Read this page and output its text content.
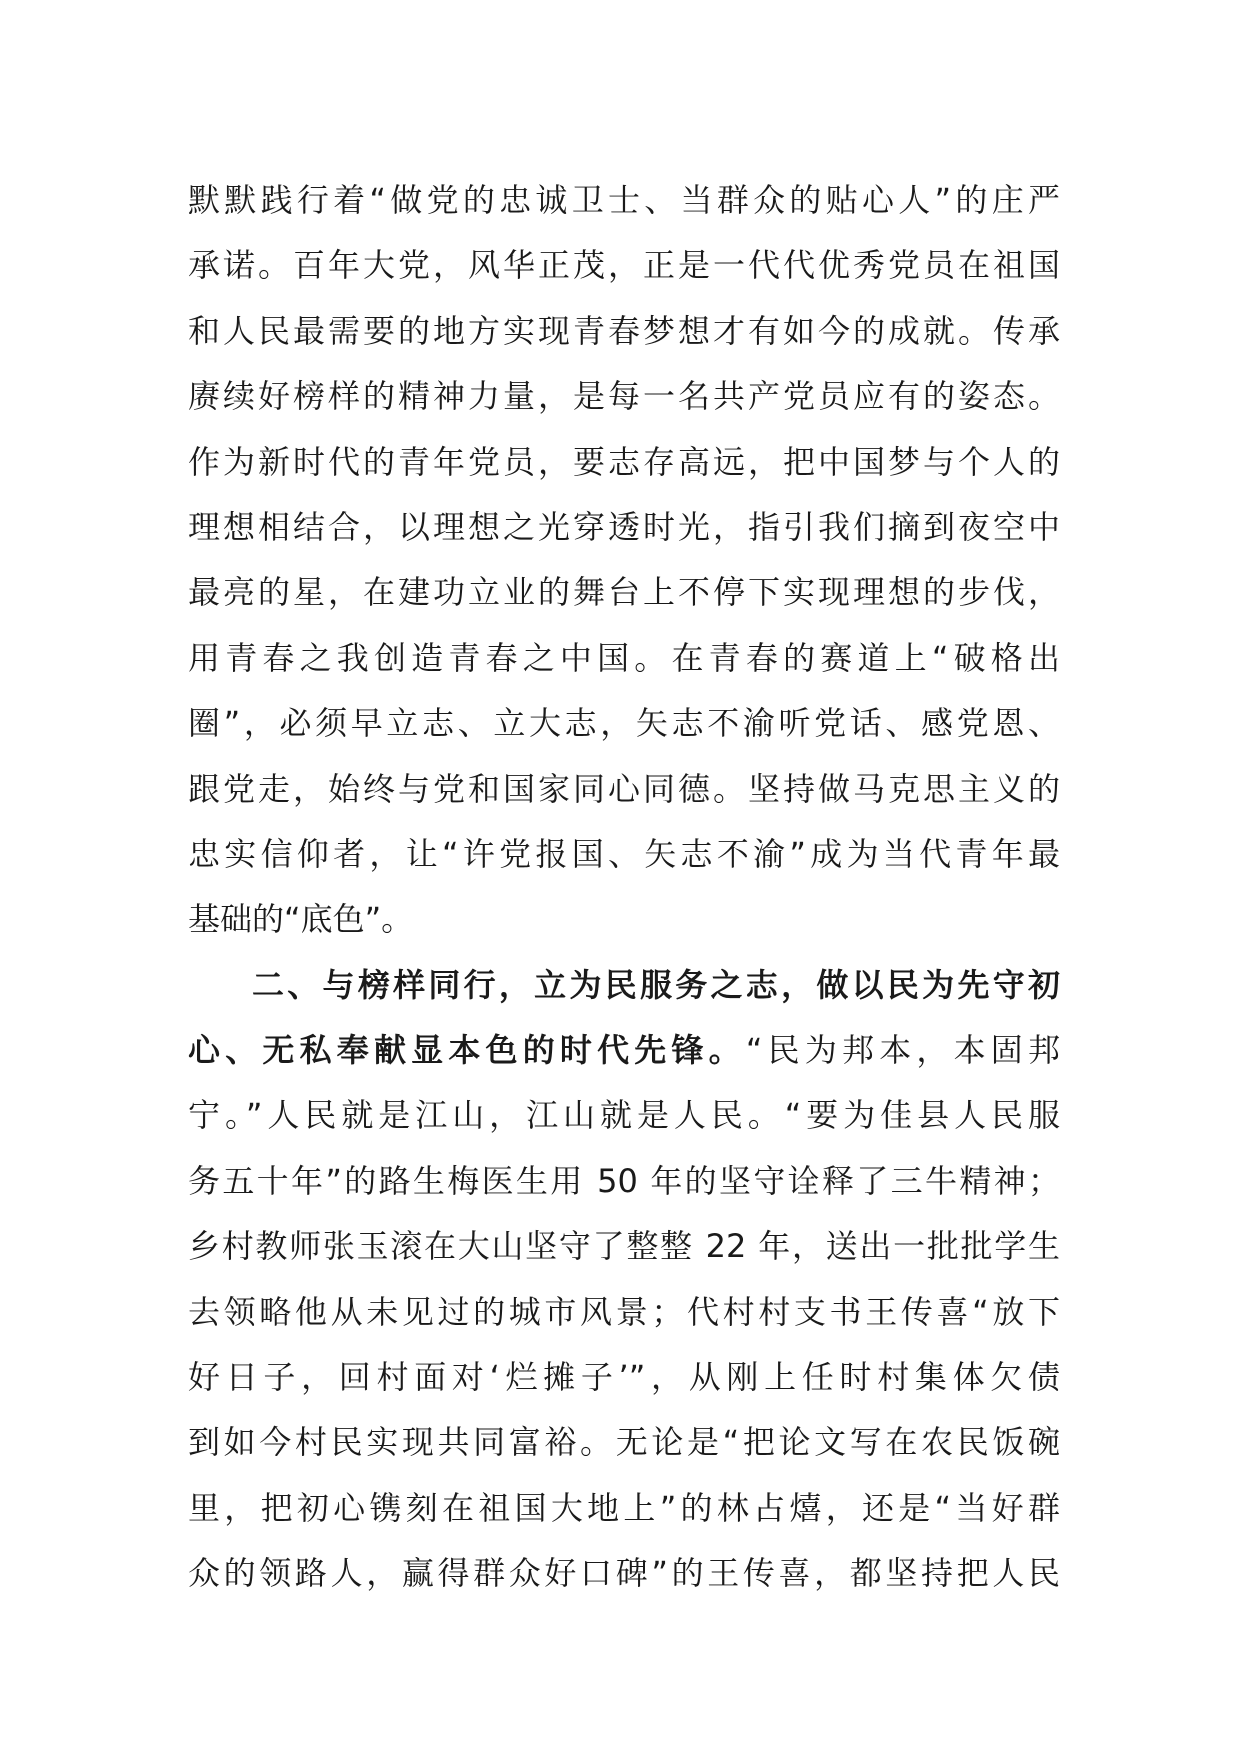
默默践行着“做党的忠诚卫士、当群众的贴心人”的庄严
承诺。百年大党，风华正茂，正是一代代优秀党员在祖国
和人民最需要的地方实现青春梦想才有如今的成就。传承
赓续好榜样的精神力量，是每一名共产党员应有的姿态。
作为新时代的青年党员，要志存高远，把中国梦与个人的
理想相结合，以理想之光穿透时光，指引我们摘到夜空中
最亮的星，在建功立业的舞台上不停下实现理想的步伐，
用青春之我创造青春之中国。在青春的赛道上“破格出
圈”，必须早立志、立大志，矢志不渝听党话、感党恩、
跟党走，始终与党和国家同心同德。坚持做马克思主义的
忠实信仰者，让“许党报国、矢志不渝”成为当代青年最
基础的“底色”。
二、与榜样同行，立为民服务之志，做以民为先守初
心、无私奉献显本色的时代先锋。“民为邦本，本固邦
宁。”人民就是江山，江山就是人民。“要为佳县人民服
务五十年”的路生梅医生用 50 年的坚守诠释了三牛精神；
乡村教师张玉滚在大山坚守了整整 22 年，送出一批批学生
去领略他从未见过的城市风景；代村村支书王传喜“放下
好日子，回村面对‘烂摊子’”，从刚上任时村集体欠债
到如今村民实现共同富裕。无论是“把论文写在农民饭碗
里，把初心镌刻在祖国大地上”的林占熺，还是“当好群
众的领路人，赢得群众好口碑”的王传喜，都坚持把人民
